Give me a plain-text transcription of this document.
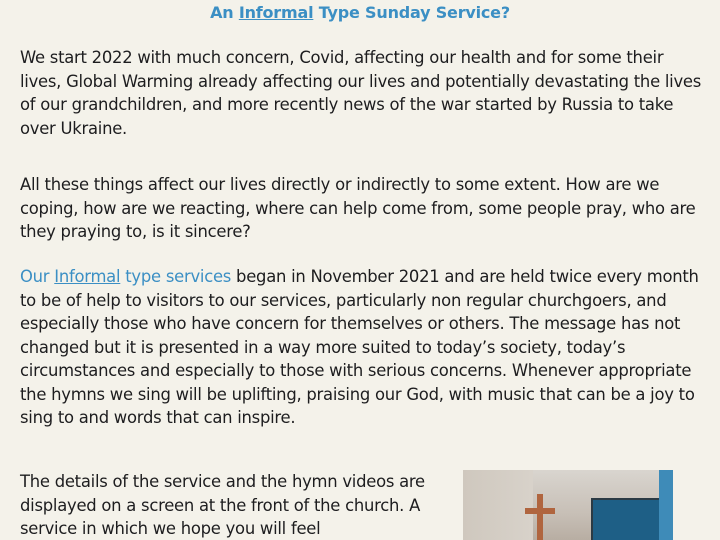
An Informal Type Sunday Service?

We start 2022 with much concern, Covid, affecting our health and for some their lives, Global Warming already affecting our lives and potentially devastating the lives of our grandchildren, and more recently news of the war started by Russia to take over Ukraine.

All these things affect our lives directly or indirectly to some extent. How are we coping, how are we reacting, where can help come from, some people pray, who are they praying to, is it sincere?

Our Informal type services began in November 2021 and are held twice every month to be of help to visitors to our services, particularly non regular churchgoers, and especially those who have concern for themselves or others. The message has not changed but it is presented in a way more suited to today’s society, today’s circumstances and especially to those with serious concerns. Whenever appropriate the hymns we sing will be uplifting, praising our God, with music that can be a joy to sing to and words that can inspire.

The details of the service and the hymn videos are displayed on a screen at the front of the church. A service in which we hope you will feel
